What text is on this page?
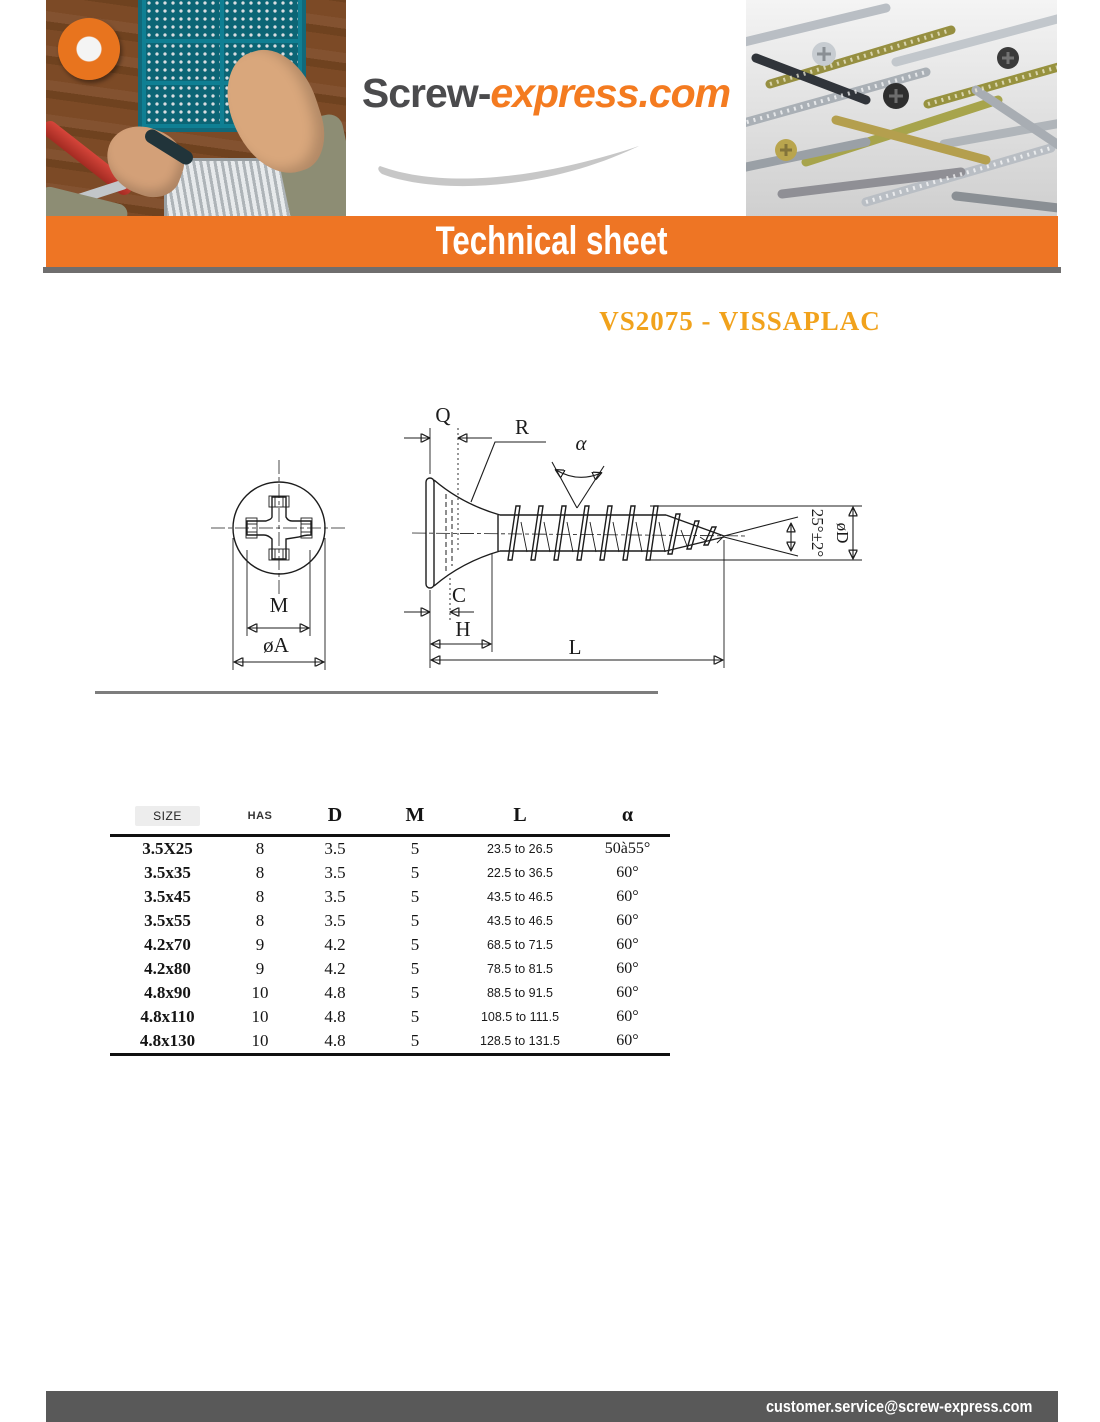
Screw-express.com
Technical sheet
VS2075 - VISSAPLAC
M
øA
Q	R
α
C
H
L
25°±2° øD
SIZE	HAS	D	M	L	α
3.5X25	8	3.5	5	23.5 to 26.5	50à55°
3.5x35	8	3.5	5	22.5 to 36.5	60°
3.5x45	8	3.5	5	43.5 to 46.5	60°
3.5x55	8	3.5	5	43.5 to 46.5	60°
4.2x70	9	4.2	5	68.5 to 71.5	60°
4.2x80	9	4.2	5	78.5 to 81.5	60°
4.8x90	10	4.8	5	88.5 to 91.5	60°
4.8x110	10	4.8	5	108.5 to 111.5	60°
4.8x130	10	4.8	5	128.5 to 131.5	60°
customer.service@screw-express.com
